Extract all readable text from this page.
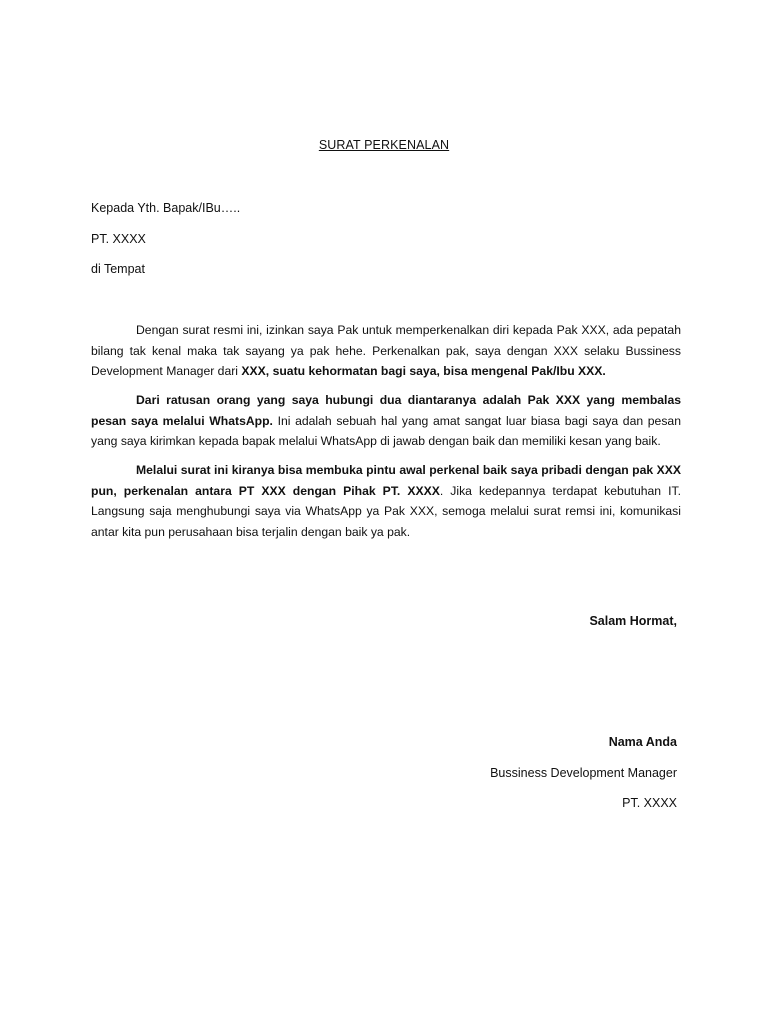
SURAT PERKENALAN
Kepada Yth. Bapak/IBu…..
PT. XXXX
di Tempat
Dengan surat resmi ini, izinkan saya Pak untuk memperkenalkan diri kepada Pak XXX, ada pepatah bilang tak kenal maka tak sayang ya pak hehe. Perkenalkan pak, saya dengan XXX selaku Bussiness Development Manager dari XXX, suatu kehormatan bagi saya, bisa mengenal Pak/Ibu XXX.
Dari ratusan orang yang saya hubungi dua diantaranya adalah Pak XXX yang membalas pesan saya melalui WhatsApp. Ini adalah sebuah hal yang amat sangat luar biasa bagi saya dan pesan yang saya kirimkan kepada bapak melalui WhatsApp di jawab dengan baik dan memiliki kesan yang baik.
Melalui surat ini kiranya bisa membuka pintu awal perkenal baik saya pribadi dengan pak XXX pun, perkenalan antara PT XXX dengan Pihak PT. XXXX. Jika kedepannya terdapat kebutuhan IT. Langsung saja menghubungi saya via WhatsApp ya Pak XXX, semoga melalui surat remsi ini, komunikasi antar kita pun perusahaan bisa terjalin dengan baik ya pak.
Salam Hormat,
Nama Anda
Bussiness Development Manager
PT. XXXX
